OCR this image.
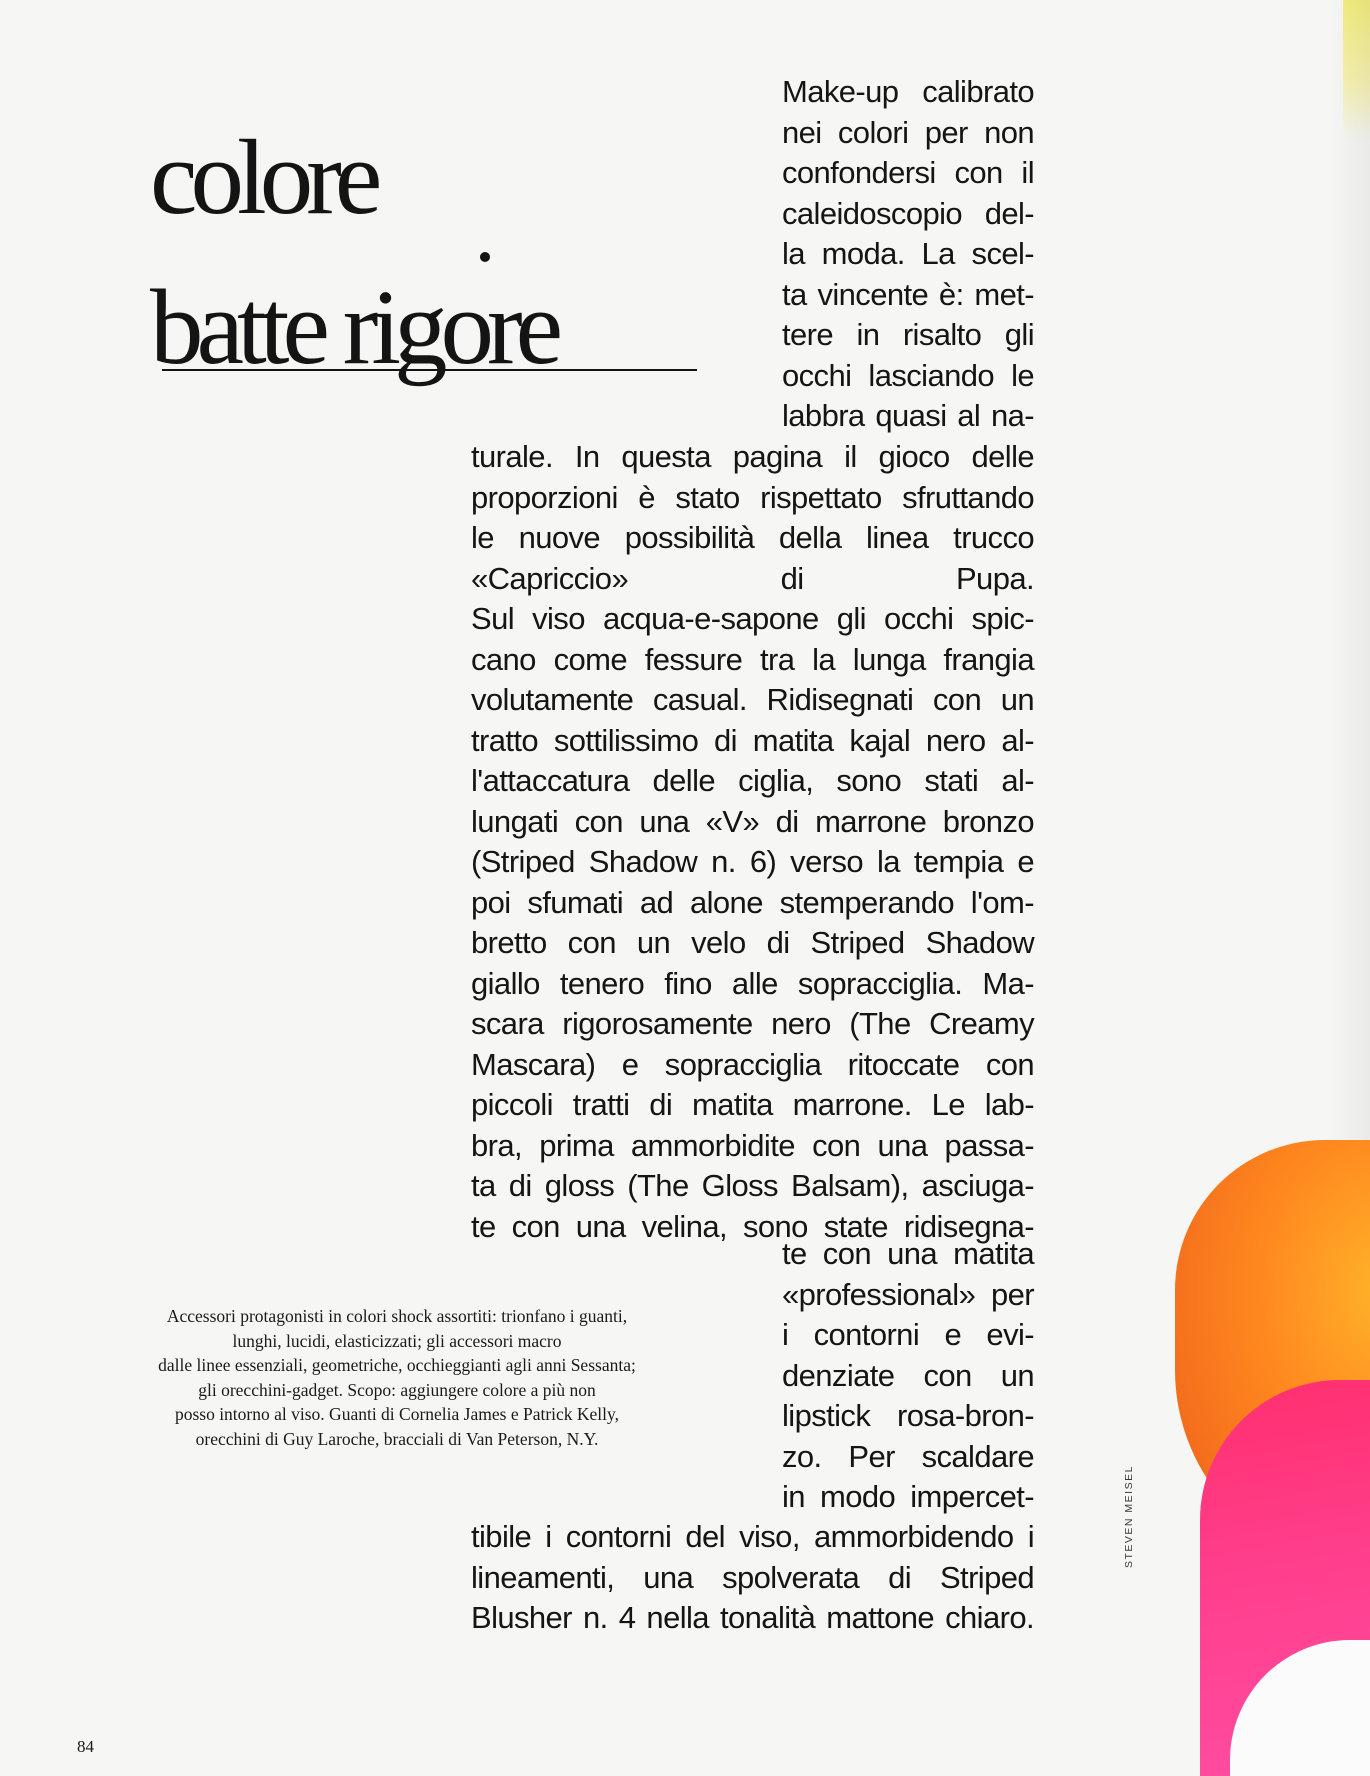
colore
batte rigore

Make-up calibrato
nei colori per non
confondersi con il
caleidoscopio del-
la moda. La scel-
ta vincente è: met-
tere in risalto gli
occhi lasciando le
labbra quasi al na-

turale. In questa pagina il gioco delle
proporzioni è stato rispettato sfruttando
le nuove possibilità della linea trucco
«Capriccio» di Pupa.

Sul viso acqua-e-sapone gli occhi spic-
cano come fessure tra la lunga frangia
volutamente casual. Ridisegnati con un
tratto sottilissimo di matita kajal nero al-
l'attaccatura delle ciglia, sono stati al-
lungati con una «V» di marrone bronzo
(Striped Shadow n. 6) verso la tempia e
poi sfumati ad alone stemperando l'om-
bretto con un velo di Striped Shadow
giallo tenero fino alle sopracciglia. Ma-
scara rigorosamente nero (The Creamy
Mascara) e sopracciglia ritoccate con
piccoli tratti di matita marrone. Le lab-
bra, prima ammorbidite con una passa-
ta di gloss (The Gloss Balsam), asciuga-
te con una velina, sono state ridisegna-

te con una matita
«professional» per
i contorni e evi-
denziate con un
lipstick rosa-bron-
zo. Per scaldare
in modo impercet-

tibile i contorni del viso, ammorbidendo i
lineamenti, una spolverata di Striped
Blusher n. 4 nella tonalità mattone chiaro.

Accessori protagonisti in colori shock assortiti: trionfano i guanti,
lunghi, lucidi, elasticizzati; gli accessori macro
dalle linee essenziali, geometriche, occhieggianti agli anni Sessanta;
gli orecchini-gadget. Scopo: aggiungere colore a più non
posso intorno al viso. Guanti di Cornelia James e Patrick Kelly,
orecchini di Guy Laroche, bracciali di Van Peterson, N.Y.

STEVEN MEISEL
84
